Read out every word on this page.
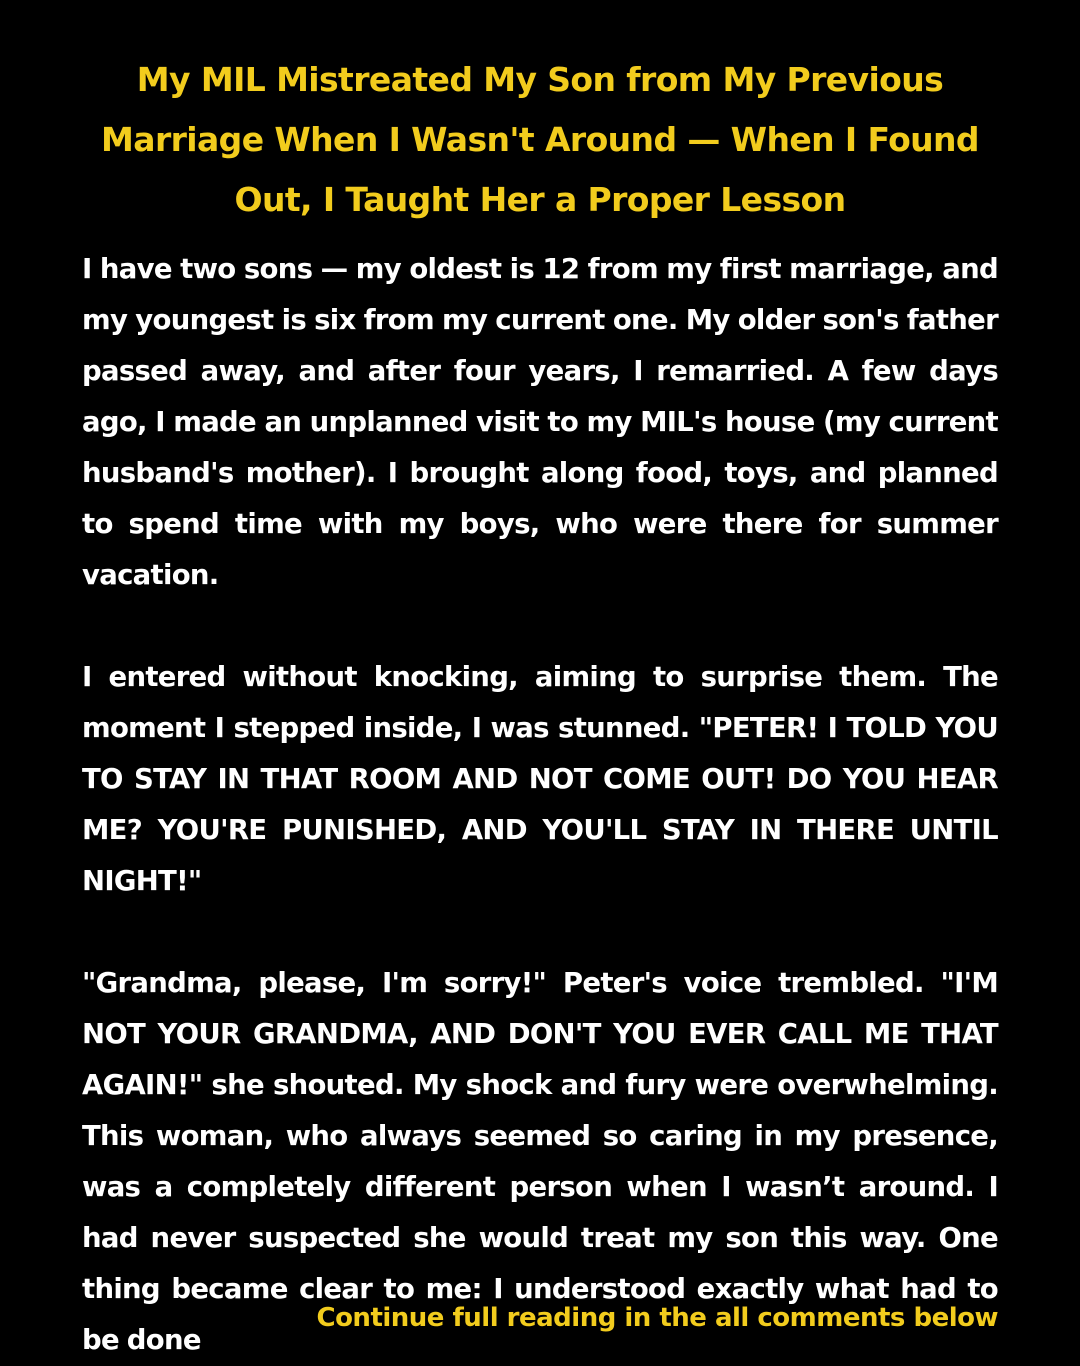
My MIL Mistreated My Son from My Previous Marriage When I Wasn't Around — When I Found Out, I Taught Her a Proper Lesson

I have two sons — my oldest is 12 from my first marriage, and my youngest is six from my current one. My older son's father passed away, and after four years, I remarried. A few days ago, I made an unplanned visit to my MIL's house (my current husband's mother). I brought along food, toys, and planned to spend time with my boys, who were there for summer vacation.

I entered without knocking, aiming to surprise them. The moment I stepped inside, I was stunned. "PETER! I TOLD YOU TO STAY IN THAT ROOM AND NOT COME OUT! DO YOU HEAR ME? YOU'RE PUNISHED, AND YOU'LL STAY IN THERE UNTIL NIGHT!"

"Grandma, please, I'm sorry!" Peter's voice trembled. "I'M NOT YOUR GRANDMA, AND DON'T YOU EVER CALL ME THAT AGAIN!" she shouted. My shock and fury were overwhelming. This woman, who always seemed so caring in my presence, was a completely different person when I wasn’t around. I had never suspected she would treat my son this way. One thing became clear to me: I understood exactly what had to be done

Continue full reading in the all comments below
